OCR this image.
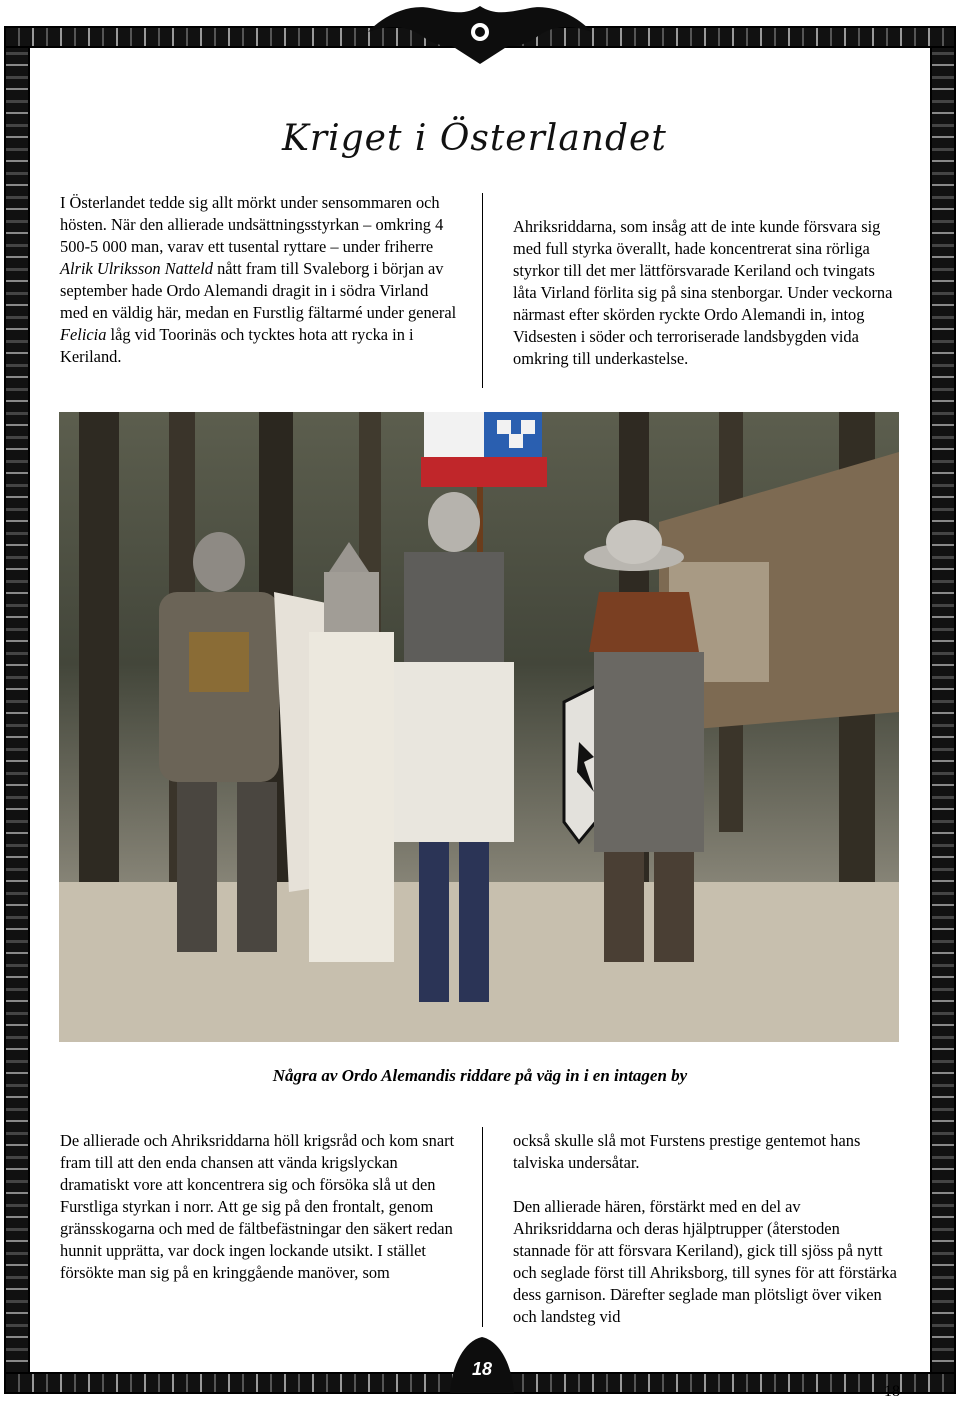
Kriget i Österlandet

I Österlandet tedde sig allt mörkt under sensommaren och hösten. När den allierade undsättningsstyrkan – omkring 4 500-5 000 man, varav ett tusental ryttare – under friherre Alrik Ulriksson Natteld nått fram till Svaleborg i början av september hade Ordo Alemandi dragit in i södra Virland med en väldig här, medan en Furstlig fältarmé under general Felicia låg vid Toorinäs och tycktes hota att rycka in i Keriland.

Ahriksriddarna, som insåg att de inte kunde försvara sig med full styrka överallt, hade koncentrerat sina rörliga styrkor till det mer lättförsvarade Keriland och tvingats låta Virland förlita sig på sina stenborgar. Under veckorna närmast efter skörden ryckte Ordo Alemandi in, intog Vidsesten i söder och terroriserade landsbygden vida omkring till underkastelse.

Några av Ordo Alemandis riddare på väg in i en intagen by

De allierade och Ahriksriddarna höll krigsråd och kom snart fram till att den enda chansen att vända krigslyckan dramatiskt vore att koncentrera sig och försöka slå ut den Furstliga styrkan i norr. Att ge sig på den frontalt, genom gränsskogarna och med de fältbefästningar den säkert redan hunnit upprätta, var dock ingen lockande utsikt. I stället försökte man sig på en kringgående manöver, som

också skulle slå mot Furstens prestige gentemot hans talviska undersåtar.

Den allierade hären, förstärkt med en del av Ahriksriddarna och deras hjälptrupper (återstoden stannade för att försvara Keriland), gick till sjöss på nytt och seglade först till Ahriksborg, till synes för att förstärka dess garnison. Därefter seglade man plötsligt över viken och landsteg vid

18
18
